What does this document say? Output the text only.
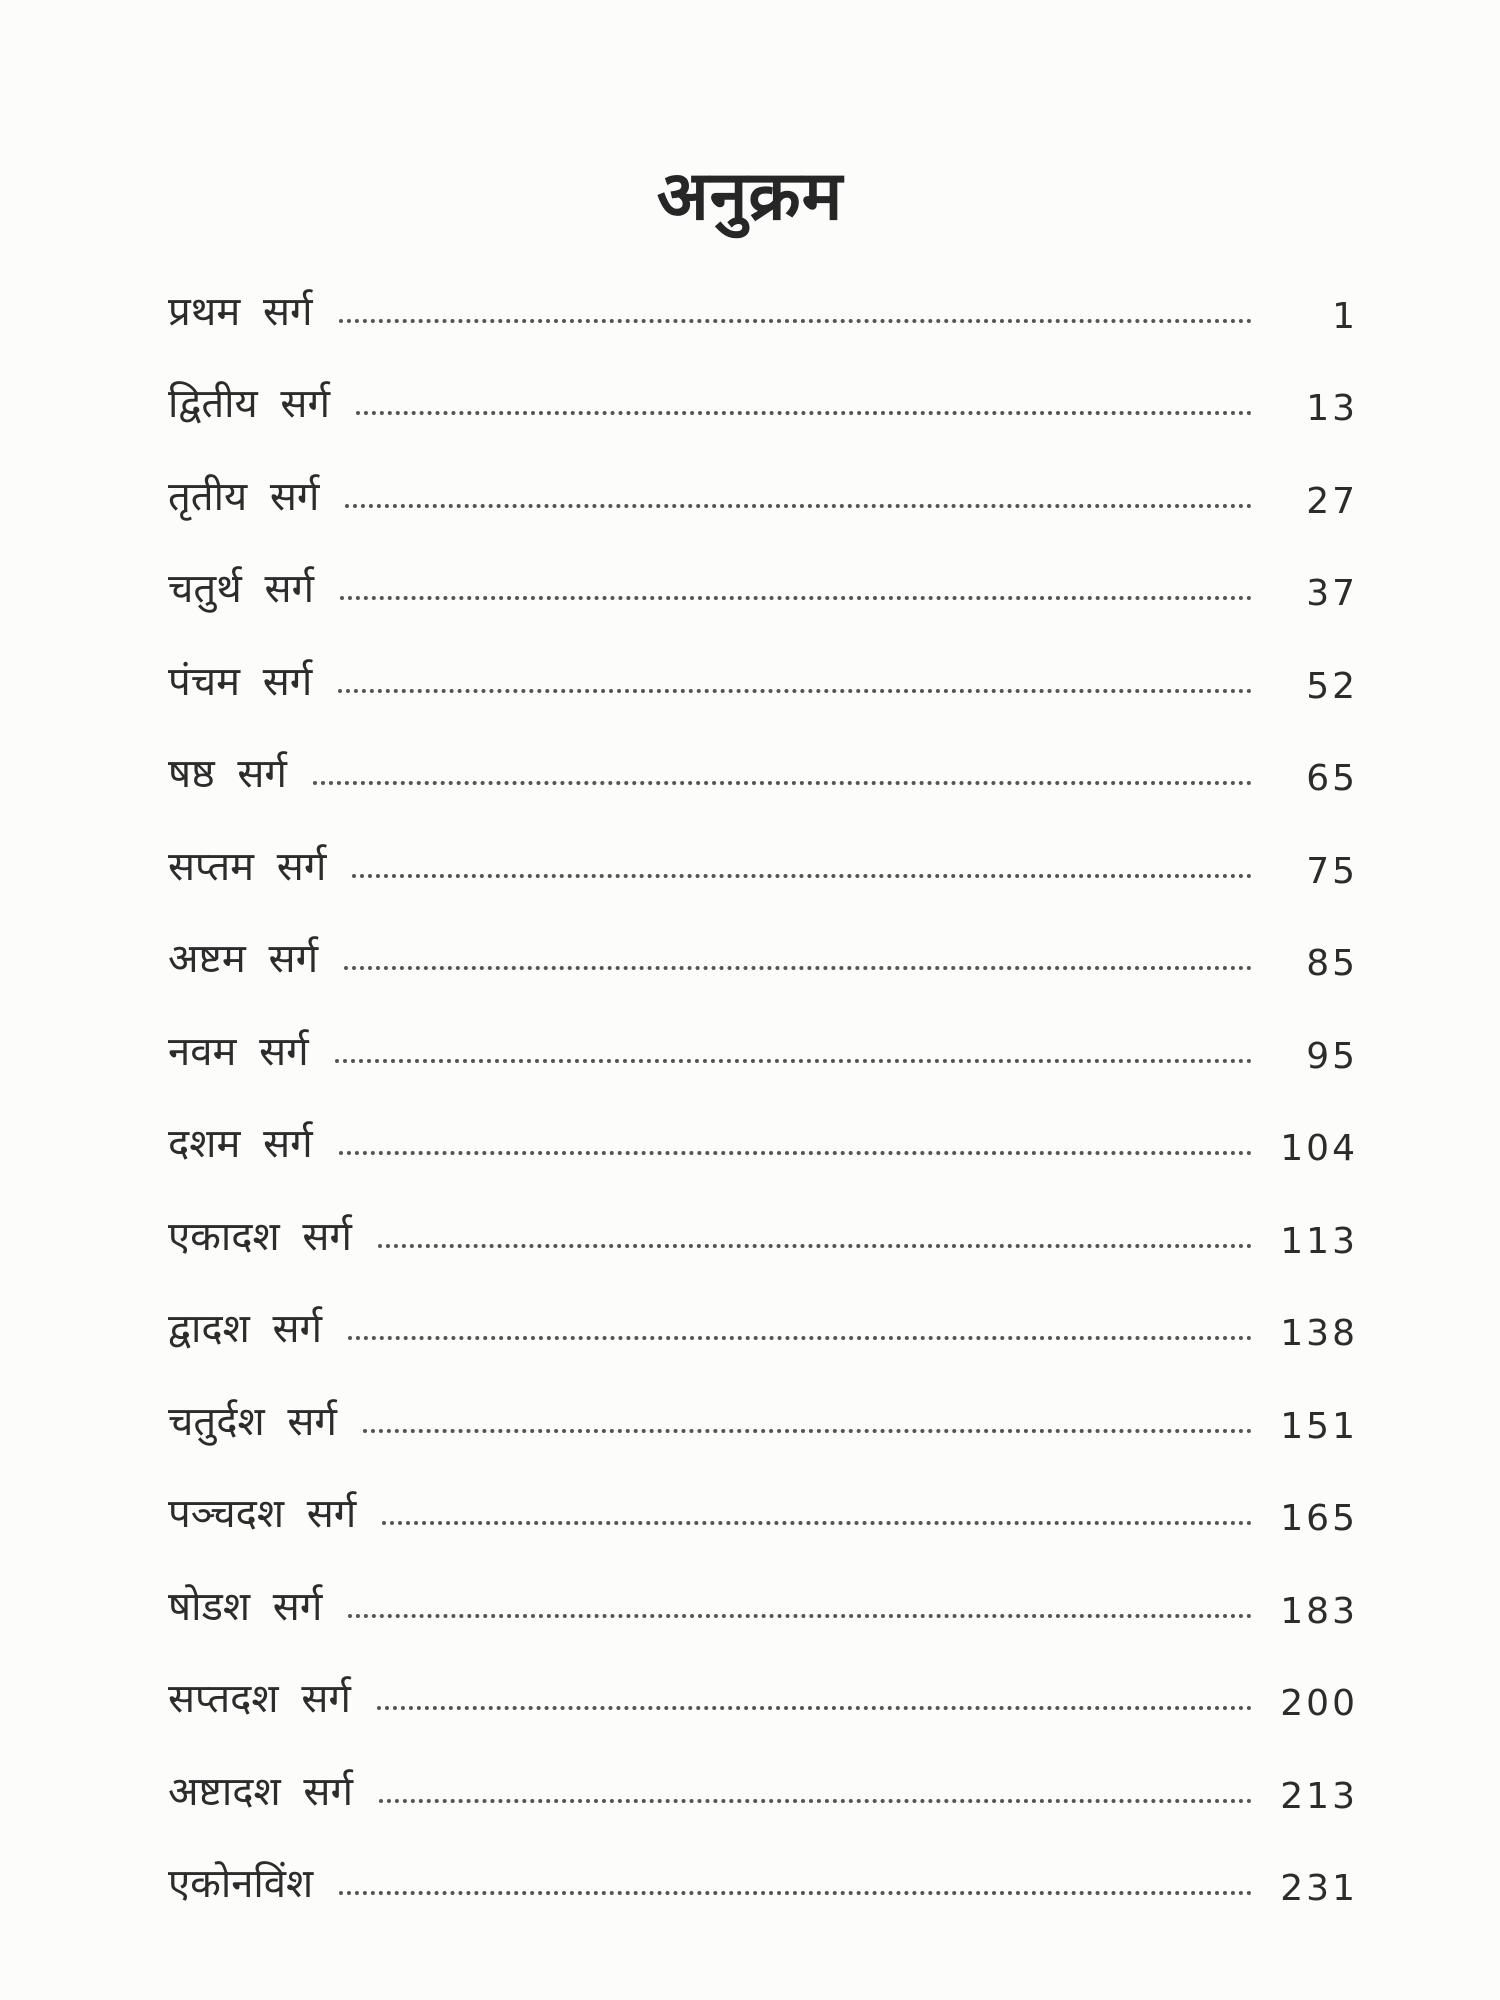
अनुक्रम
प्रथम सर्ग	1
द्वितीय सर्ग	13
तृतीय सर्ग	27
चतुर्थ सर्ग	37
पंचम सर्ग	52
षष्ठ सर्ग	65
सप्तम सर्ग	75
अष्टम सर्ग	85
नवम सर्ग	95
दशम सर्ग	104
एकादश सर्ग	113
द्वादश सर्ग	138
चतुर्दश सर्ग	151
पञ्चदश सर्ग	165
षोडश सर्ग	183
सप्तदश सर्ग	200
अष्टादश सर्ग	213
एकोनविंश	231
